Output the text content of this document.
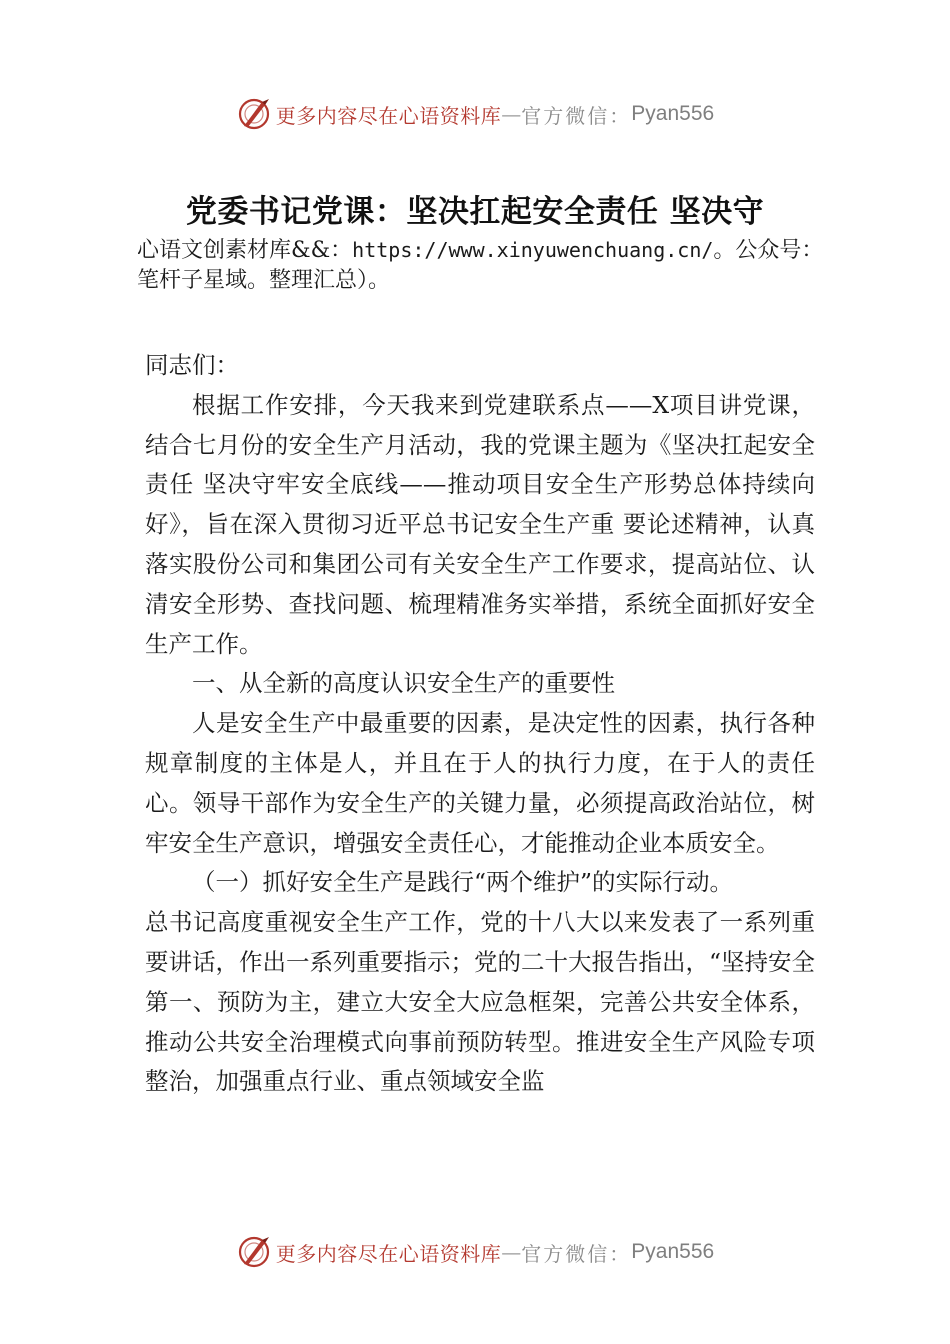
更多内容尽在心语资料库 — 官方微信： Pyan556
党委书记党课：坚决扛起安全责任 坚决守
心语文创素材库&&：https://www.xinyuwenchuang.cn/。公众号：笔杆子星域。整理汇总）。

同志们：

根据工作安排，今天我来到党建联系点——X项目讲党课，结合七月份的安全生产月活动，我的党课主题为《坚决扛起安全责任 坚决守牢安全底线——推动项目安全生产形势总体持续向好》，旨在深入贯彻习近平总书记安全生产重 要论述精神，认真落实股份公司和集团公司有关安全生产工作要求，提高站位、认清安全形势、查找问题、梳理精准务实举措，系统全面抓好安全生产工作。

一、从全新的高度认识安全生产的重要性

人是安全生产中最重要的因素，是决定性的因素，执行各种规章制度的主体是人，并且在于人的执行力度，在于人的责任心。领导干部作为安全生产的关键力量，必须提高政治站位，树牢安全生产意识，增强安全责任心，才能推动企业本质安全。

（一）抓好安全生产是践行“两个维护”的实际行动。

总书记高度重视安全生产工作，党的十八大以来发表了一系列重要讲话，作出一系列重要指示；党的二十大报告指出，“坚持安全第一、预防为主，建立大安全大应急框架，完善公共安全体系，推动公共安全治理模式向事前预防转型。推进安全生产风险专项整治，加强重点行业、重点领域安全监

更多内容尽在心语资料库 — 官方微信： Pyan556
